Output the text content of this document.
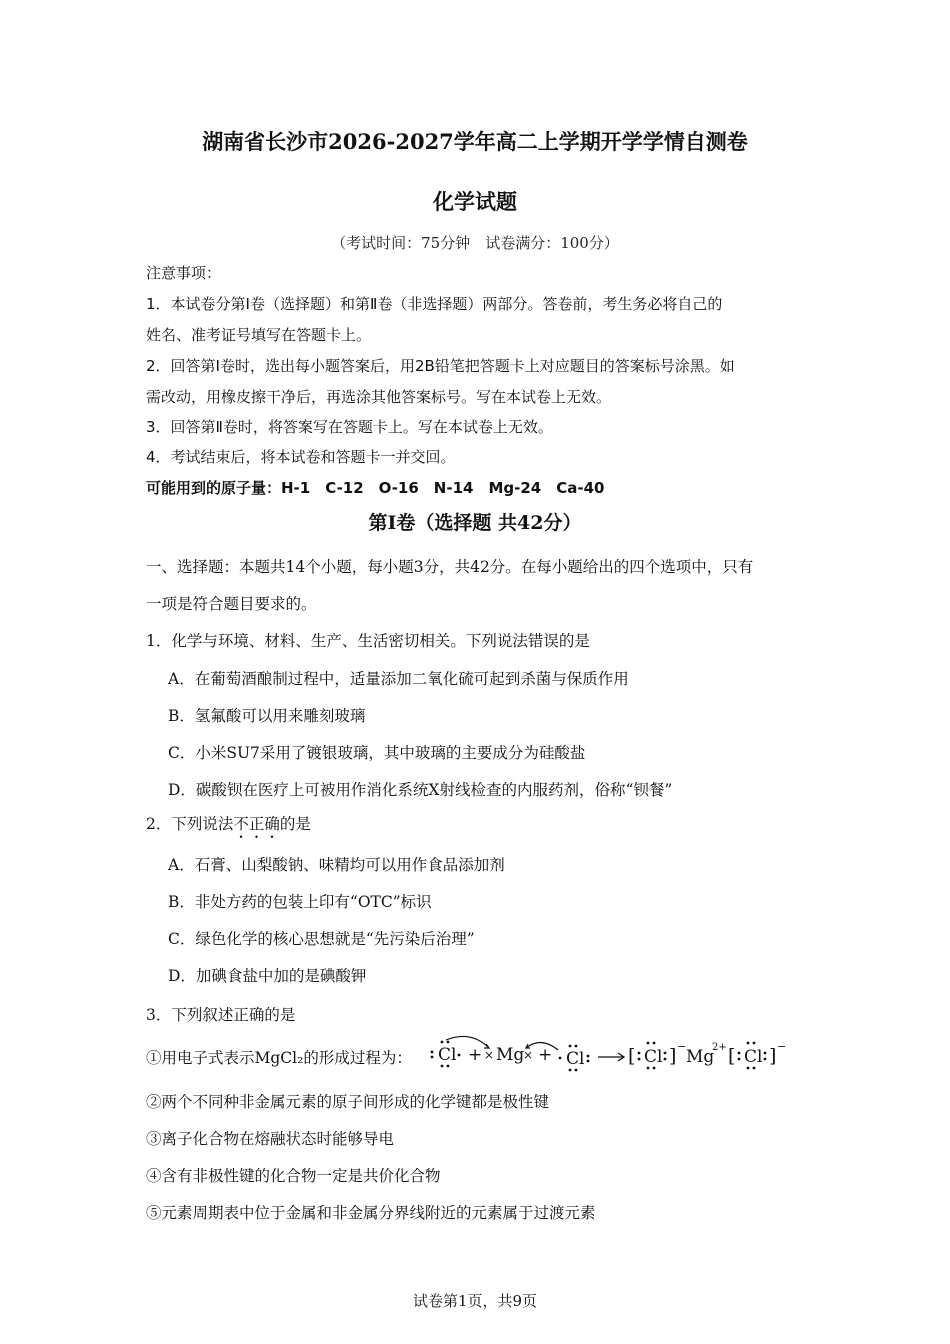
湖南省长沙市2026-2027学年高二上学期开学学情自测卷
化学试题
（考试时间：75分钟　试卷满分：100分）
注意事项：
1．本试卷分第Ⅰ卷（选择题）和第Ⅱ卷（非选择题）两部分。答卷前，考生务必将自己的
姓名、准考证号填写在答题卡上。
2．回答第Ⅰ卷时，选出每小题答案后，用2B铅笔把答题卡上对应题目的答案标号涂黑。如
需改动，用橡皮擦干净后，再选涂其他答案标号。写在本试卷上无效。
3．回答第Ⅱ卷时，将答案写在答题卡上。写在本试卷上无效。
4．考试结束后，将本试卷和答题卡一并交回。
可能用到的原子量：H-1　C-12　O-16　N-14　Mg-24　Ca-40
第Ⅰ卷（选择题 共42分）
一、选择题：本题共14个小题，每小题3分，共42分。在每小题给出的四个选项中，只有
一项是符合题目要求的。
1．化学与环境、材料、生产、生活密切相关。下列说法错误的是
A．在葡萄酒酿制过程中，适量添加二氧化硫可起到杀菌与保质作用
B．氢氟酸可以用来雕刻玻璃
C．小米SU7采用了镀银玻璃，其中玻璃的主要成分为硅酸盐
D．碳酸钡在医疗上可被用作消化系统X射线检查的内服药剂，俗称“钡餐”
2．下列说法不正确的是
A．石膏、山梨酸钠、味精均可以用作食品添加剂
B．非处方药的包装上印有“OTC”标识
C．绿色化学的核心思想就是“先污染后治理”
D．加碘食盐中加的是碘酸钾
3．下列叙述正确的是
①用电子式表示MgCl₂的形成过程为：	Cl + × Mg
× + Cl [ Cl ] −
Mg
2+ [ Cl ] −
②两个不同种非金属元素的原子间形成的化学键都是极性键
③离子化合物在熔融状态时能够导电
④含有非极性键的化合物一定是共价化合物
⑤元素周期表中位于金属和非金属分界线附近的元素属于过渡元素
试卷第1页，共9页
